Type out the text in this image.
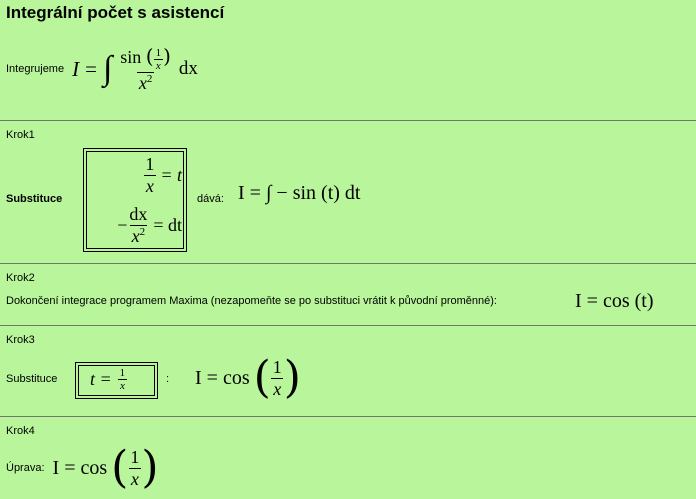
Integrální počet s asistencí
Integrujeme I = ∫ $\frac{\sin ( \frac{1}{x} )}{x^2}$ dx
Krok1
Substituce
$\frac{1}{x} = t$
− $\frac{dx}{x^2}$ = dt
dává: I = ∫ − sin (t) dt
Krok2
Dokončení integrace programem Maxima (nezapomeňte se po substituci vrátit k původní proměnné):	I = cos (t)
Krok3
Substituce $t = \frac{1}{x}$	: I = cos ( $\frac{1}{x}$ )
Krok4
Úprava: I = cos ( $\frac{1}{x}$ )
